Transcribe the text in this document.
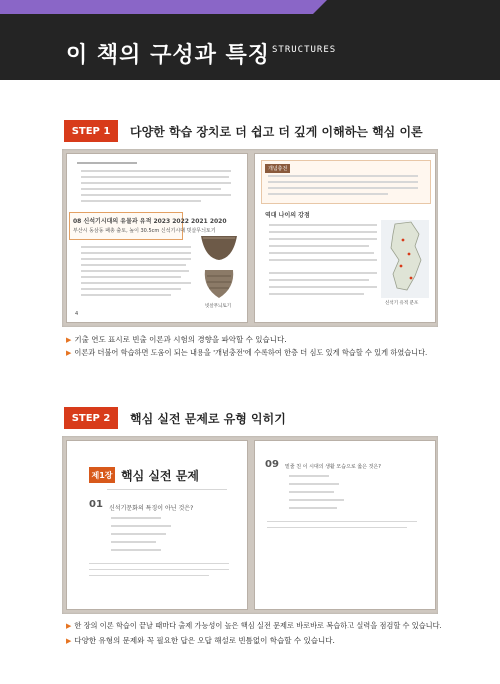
이 책의 구성과 특징 STRUCTURES
STEP 1	다양한 학습 장치로 더 쉽고 더 깊게 이해하는 핵심 이론
08 신석기시대의 유물과 유적 2023 2022 2021 2020
부산시 동삼동 패총 출토, 높이 30.5cm 신석기시대 빗살무늬토기
빗살무늬토기
4
개념충전
역대 나이의 강점
신석기 유적 분포
▶ 기출 연도 표시로 빈출 이론과 시험의 경향을 파악할 수 있습니다.
▶ 이론과 더불어 학습하면 도움이 되는 내용을 '개념충전'에 수록하여 한층 더 심도 있게 학습할 수 있게 하였습니다.
STEP 2	핵심 실전 문제로 유형 익히기
제1장 핵심 실전 문제
01 신석기문화의 특징이 아닌 것은?
09 밑줄 친 이 시대의 생활 모습으로 옳은 것은?
▶ 한 장의 이론 학습이 끝날 때마다 출제 가능성이 높은 핵심 실전 문제로 바로바로 복습하고 실력을 점검할 수 있습니다.
▶ 다양한 유형의 문제와 꼭 필요한 답은 오답 해설로 빈틈없이 학습할 수 있습니다.
